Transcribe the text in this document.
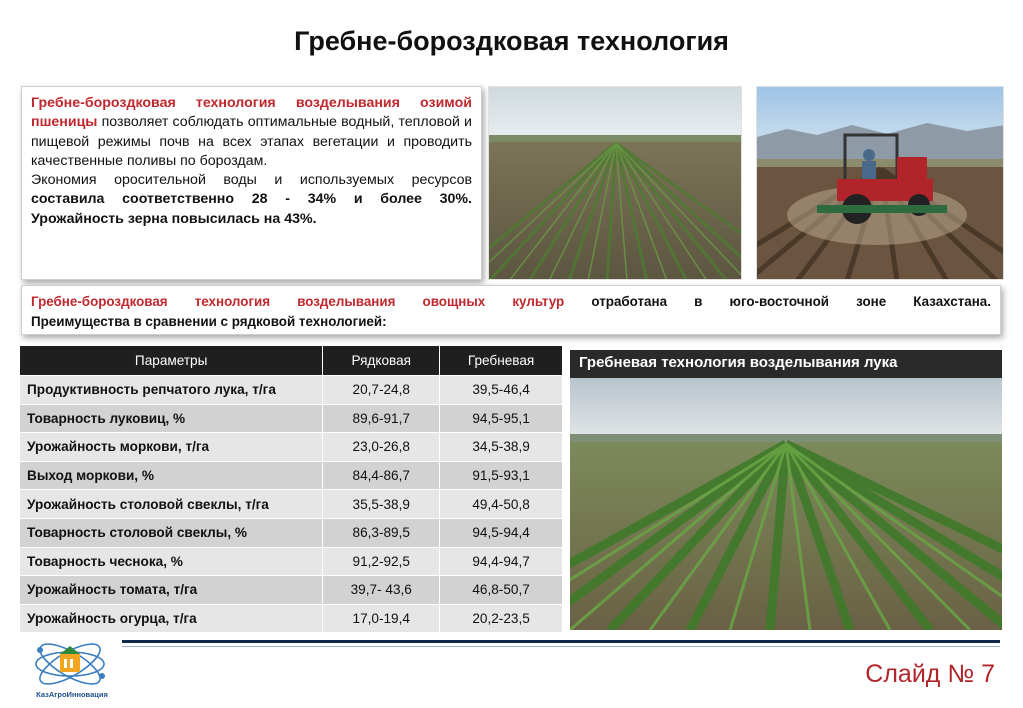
Гребне-бороздковая технология
Гребне-бороздковая технология возделывания озимой пшеницы позволяет соблюдать оптимальные водный, тепловой и пищевой режимы почв на всех этапах вегетации и проводить качественные поливы по бороздам.
Экономия оросительной воды и используемых ресурсов составила соответственно 28 - 34% и более 30%. Урожайность зерна повысилась на 43%.
Гребне-бороздковая технология возделывания овощных культур отработана в юго-восточной зоне Казахстана.
Преимущества в сравнении с рядковой технологией:
Параметры	Рядковая	Гребневая
Продуктивность репчатого лука, т/га	20,7-24,8	39,5-46,4
Товарность луковиц, %	89,6-91,7	94,5-95,1
Урожайность моркови, т/га	23,0-26,8	34,5-38,9
Выход моркови, %	84,4-86,7	91,5-93,1
Урожайность столовой свеклы, т/га	35,5-38,9	49,4-50,8
Товарность столовой свеклы, %	86,3-89,5	94,5-94,4
Товарность чеснока, %	91,2-92,5	94,4-94,7
Урожайность томата, т/га	39,7- 43,6	46,8-50,7
Урожайность огурца, т/га	17,0-19,4	20,2-23,5
Гребневая технология возделывания лука
КазАгроИнновация
Слайд № 7
